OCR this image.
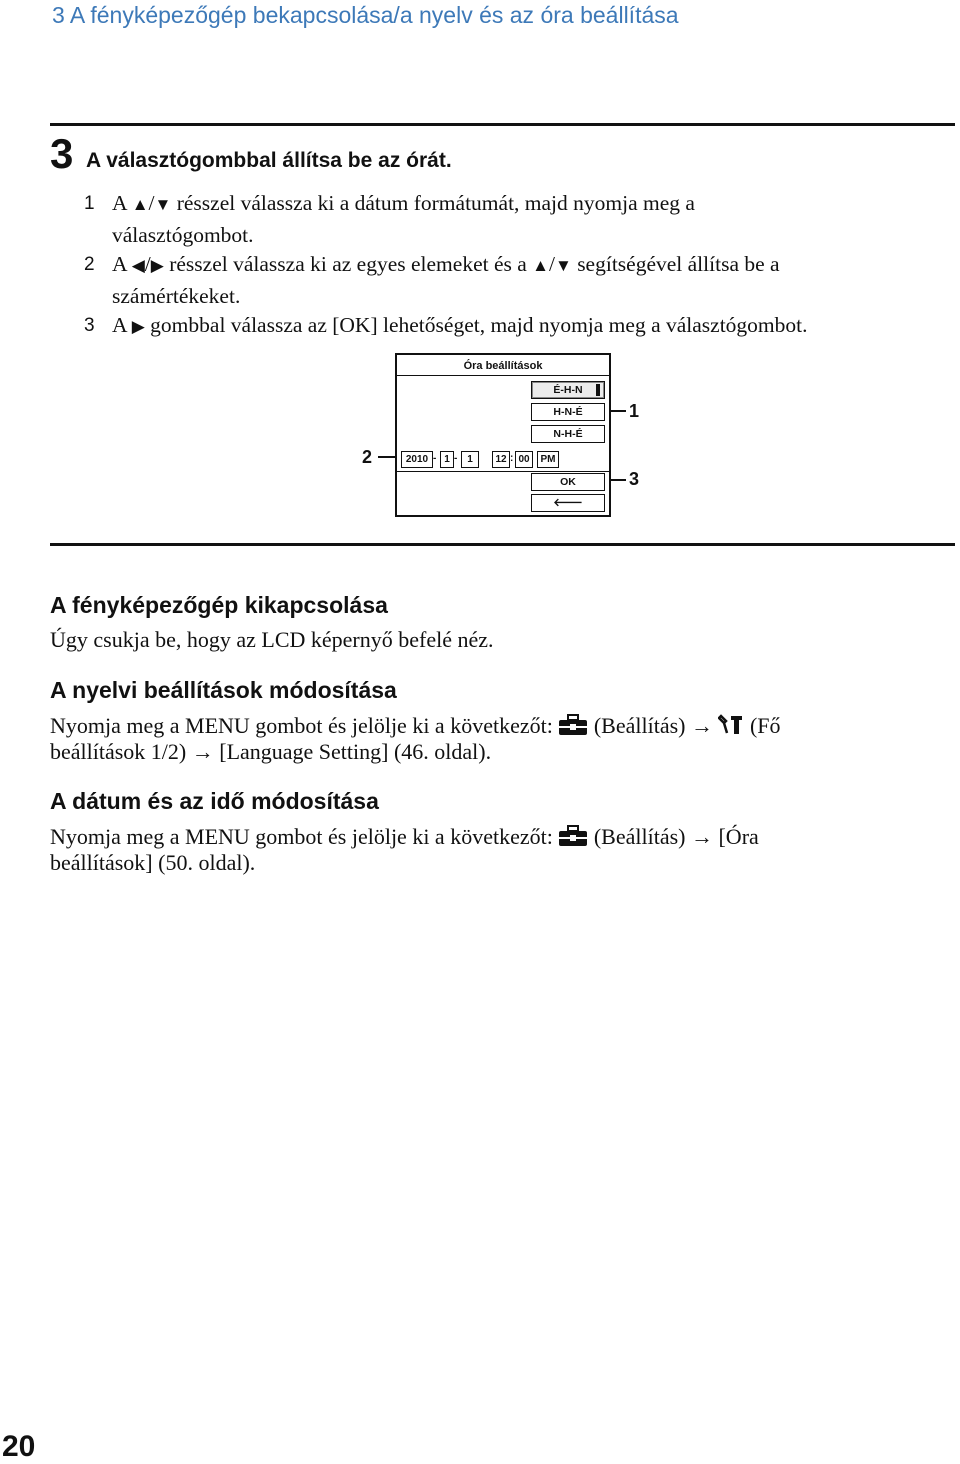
3 A fényképezőgép bekapcsolása/a nyelv és az óra beállítása
3 A választógombbal állítsa be az órát.
1 A ▲/▼ résszel válassza ki a dátum formátumát, majd nyomja meg a
választógombot.
2 A ◀/▶ résszel válassza ki az egyes elemeket és a ▲/▼ segítségével állítsa be a
számértékeket.
3 A ▶ gombbal válassza az [OK] lehetőséget, majd nyomja meg a választógombot.
Óra beállítások
É-H-N
H-N-É
N-H-É
2010 - 1 - 1	12 : 00	PM
OK
🡐
2
1
3
A fényképezőgép kikapcsolása
Úgy csukja be, hogy az LCD képernyő befelé néz.
A nyelvi beállítások módosítása
Nyomja meg a MENU gombot és jelölje ki a következőt:  (Beállítás) →  (Fő
beállítások 1/2) → [Language Setting] (46. oldal).
A dátum és az idő módosítása
Nyomja meg a MENU gombot és jelölje ki a következőt:  (Beállítás) → [Óra
beállítások] (50. oldal).
20
